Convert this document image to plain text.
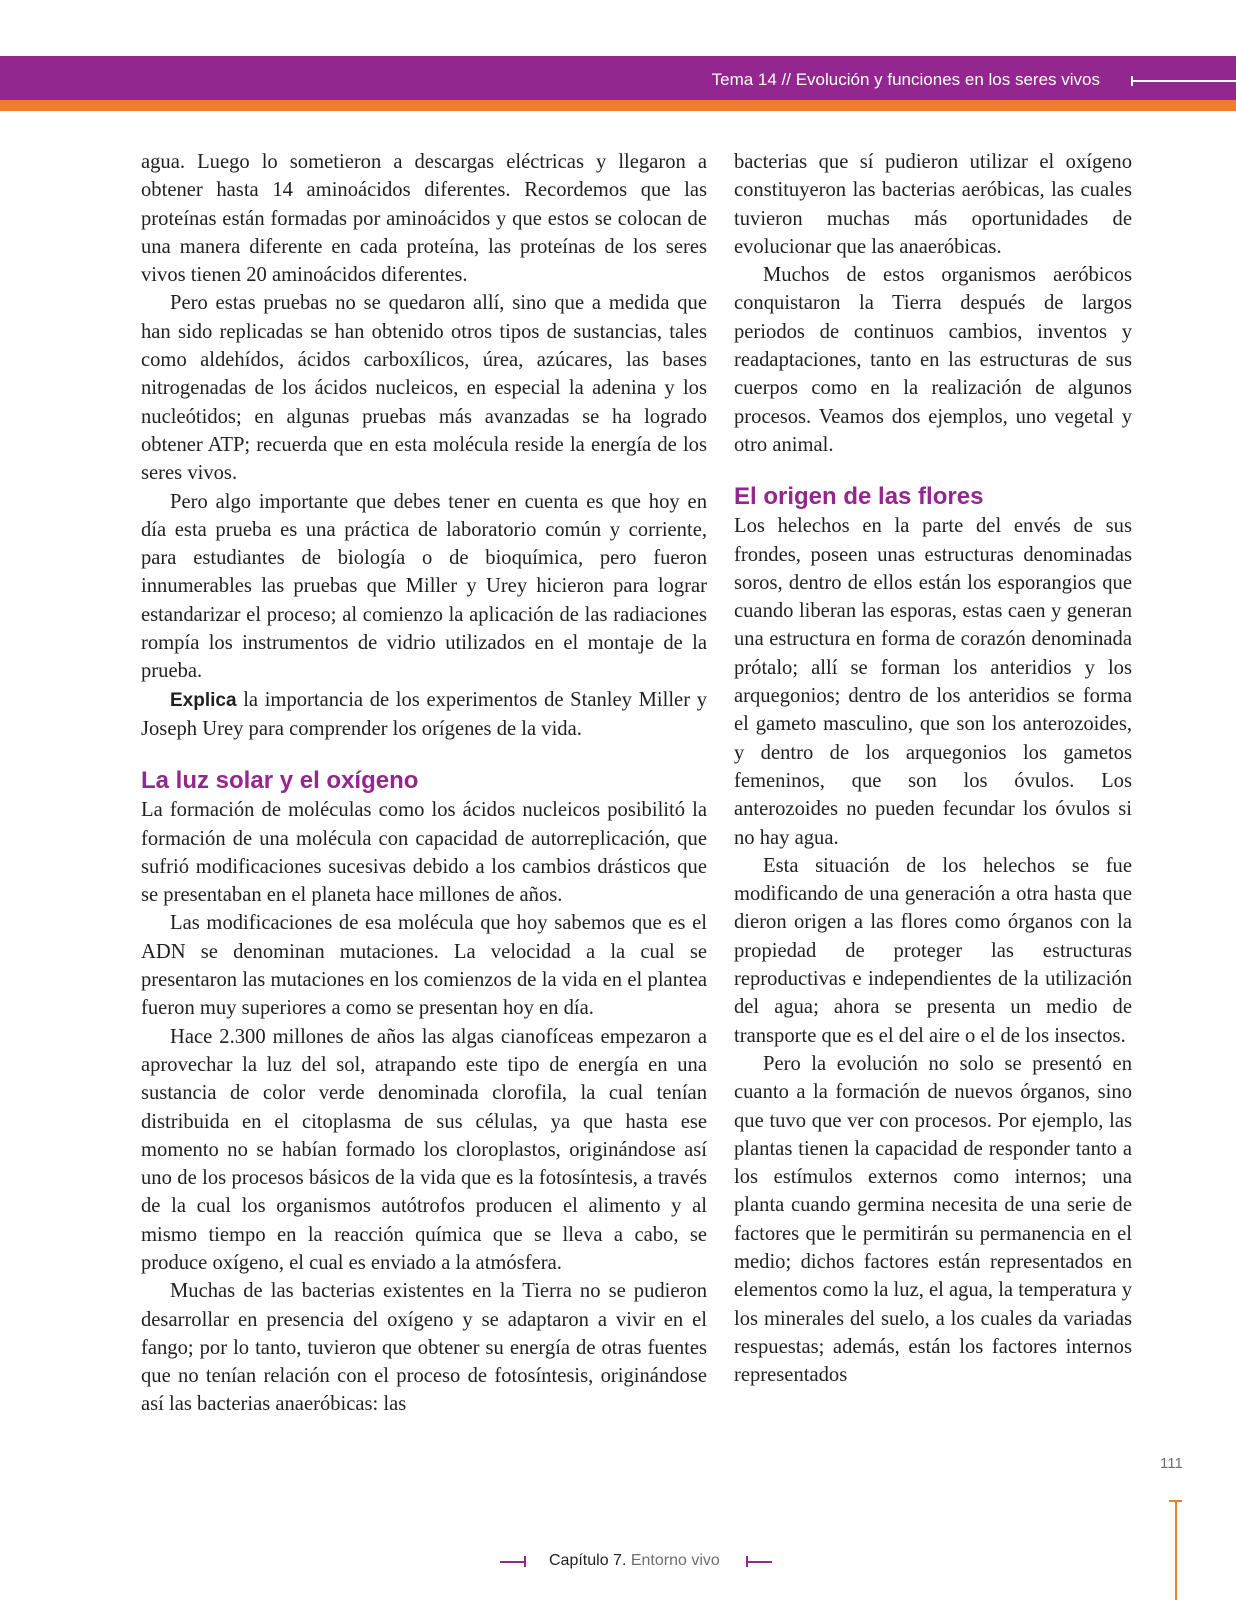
Tema 14 // Evolución y funciones en los seres vivos

agua. Luego lo sometieron a descargas eléctricas y llegaron a obtener hasta 14 aminoácidos diferentes. Recordemos que las proteínas están formadas por aminoácidos y que estos se colocan de una manera diferente en cada proteína, las proteínas de los seres vivos tienen 20 aminoácidos diferentes.

Pero estas pruebas no se quedaron allí, sino que a medida que han sido replicadas se han obtenido otros tipos de sustancias, tales como aldehídos, ácidos carboxílicos, úrea, azúcares, las bases nitrogenadas de los ácidos nucleicos, en especial la adenina y los nucleótidos; en algunas pruebas más avanzadas se ha logrado obtener ATP; recuerda que en esta molécula reside la energía de los seres vivos.

Pero algo importante que debes tener en cuenta es que hoy en día esta prueba es una práctica de laboratorio común y corriente, para estudiantes de biología o de bioquímica, pero fueron innumerables las pruebas que Miller y Urey hicieron para lograr estandarizar el proceso; al comienzo la aplicación de las radiaciones rompía los instrumentos de vidrio utilizados en el montaje de la prueba.

Explica la importancia de los experimentos de Stanley Miller y Joseph Urey para comprender los orígenes de la vida.

La luz solar y el oxígeno

La formación de moléculas como los ácidos nucleicos posibilitó la formación de una molécula con capacidad de autorreplicación, que sufrió modificaciones sucesivas debido a los cambios drásticos que se presentaban en el planeta hace millones de años.

Las modificaciones de esa molécula que hoy sabemos que es el ADN se denominan mutaciones. La velocidad a la cual se presentaron las mutaciones en los comienzos de la vida en el plantea fueron muy superiores a como se presentan hoy en día.

Hace 2.300 millones de años las algas cianofíceas empezaron a aprovechar la luz del sol, atrapando este tipo de energía en una sustancia de color verde denominada clorofila, la cual tenían distribuida en el citoplasma de sus células, ya que hasta ese momento no se habían formado los cloroplastos, originándose así uno de los procesos básicos de la vida que es la fotosíntesis, a través de la cual los organismos autótrofos producen el alimento y al mismo tiempo en la reacción química que se lleva a cabo, se produce oxígeno, el cual es enviado a la atmósfera.

Muchas de las bacterias existentes en la Tierra no se pudieron desarrollar en presencia del oxígeno y se adaptaron a vivir en el fango; por lo tanto, tuvieron que obtener su energía de otras fuentes que no tenían relación con el proceso de fotosíntesis, originándose así las bacterias anaeróbicas: las

bacterias que sí pudieron utilizar el oxígeno constituyeron las bacterias aeróbicas, las cuales tuvieron muchas más oportunidades de evolucionar que las anaeróbicas.

Muchos de estos organismos aeróbicos conquistaron la Tierra después de largos periodos de continuos cambios, inventos y readaptaciones, tanto en las estructuras de sus cuerpos como en la realización de algunos procesos. Veamos dos ejemplos, uno vegetal y otro animal.

El origen de las flores

Los helechos en la parte del envés de sus frondes, poseen unas estructuras denominadas soros, dentro de ellos están los esporangios que cuando liberan las esporas, estas caen y generan una estructura en forma de corazón denominada prótalo; allí se forman los anteridios y los arquegonios; dentro de los anteridios se forma el gameto masculino, que son los anterozoides, y dentro de los arquegonios los gametos femeninos, que son los óvulos. Los anterozoides no pueden fecundar los óvulos si no hay agua.

Esta situación de los helechos se fue modificando de una generación a otra hasta que dieron origen a las flores como órganos con la propiedad de proteger las estructuras reproductivas e independientes de la utilización del agua; ahora se presenta un medio de transporte que es el del aire o el de los insectos.

Pero la evolución no solo se presentó en cuanto a la formación de nuevos órganos, sino que tuvo que ver con procesos. Por ejemplo, las plantas tienen la capacidad de responder tanto a los estímulos externos como internos; una planta cuando germina necesita de una serie de factores que le permitirán su permanencia en el medio; dichos factores están representados en elementos como la luz, el agua, la temperatura y los minerales del suelo, a los cuales da variadas respuestas; además, están los factores internos representados

111
Capítulo 7. Entorno vivo
